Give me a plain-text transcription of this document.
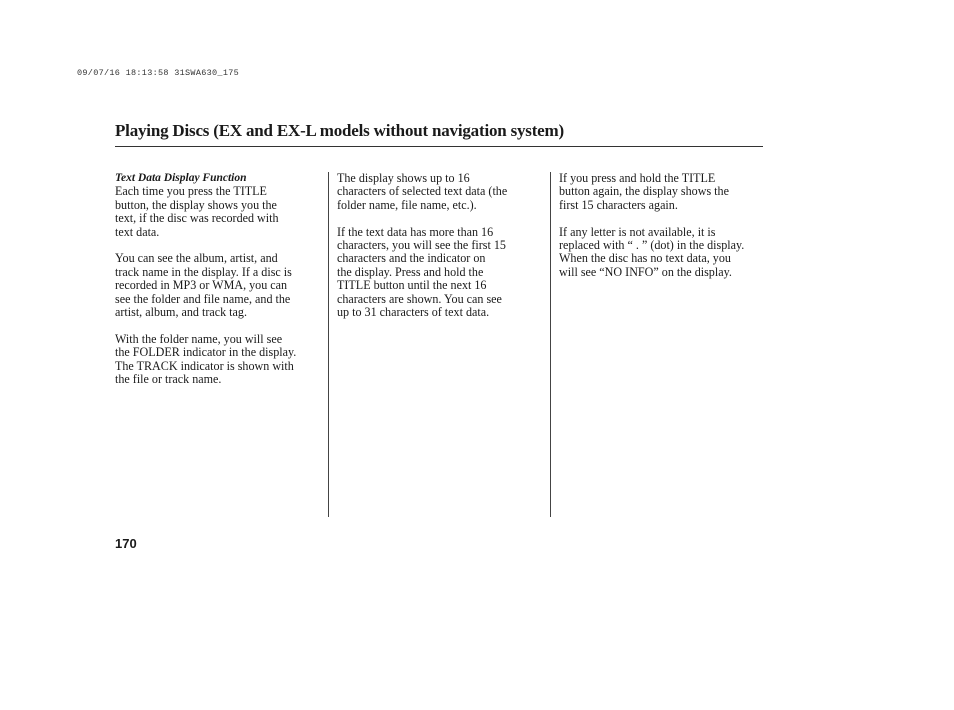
09/07/16 18:13:58 31SWA630_175
Playing Discs (EX and EX-L models without navigation system)
Text Data Display Function

Each time you press the TITLE
button, the display shows you the
text, if the disc was recorded with
text data.

You can see the album, artist, and
track name in the display. If a disc is
recorded in MP3 or WMA, you can
see the folder and file name, and the
artist, album, and track tag.

With the folder name, you will see
the FOLDER indicator in the display.
The TRACK indicator is shown with
the file or track name.

The display shows up to 16
characters of selected text data (the
folder name, file name, etc.).

If the text data has more than 16
characters, you will see the first 15
characters and the indicator on
the display. Press and hold the
TITLE button until the next 16
characters are shown. You can see
up to 31 characters of text data.

If you press and hold the TITLE
button again, the display shows the
first 15 characters again.

If any letter is not available, it is
replaced with “ . ” (dot) in the display.
When the disc has no text data, you
will see “NO INFO” on the display.

170
